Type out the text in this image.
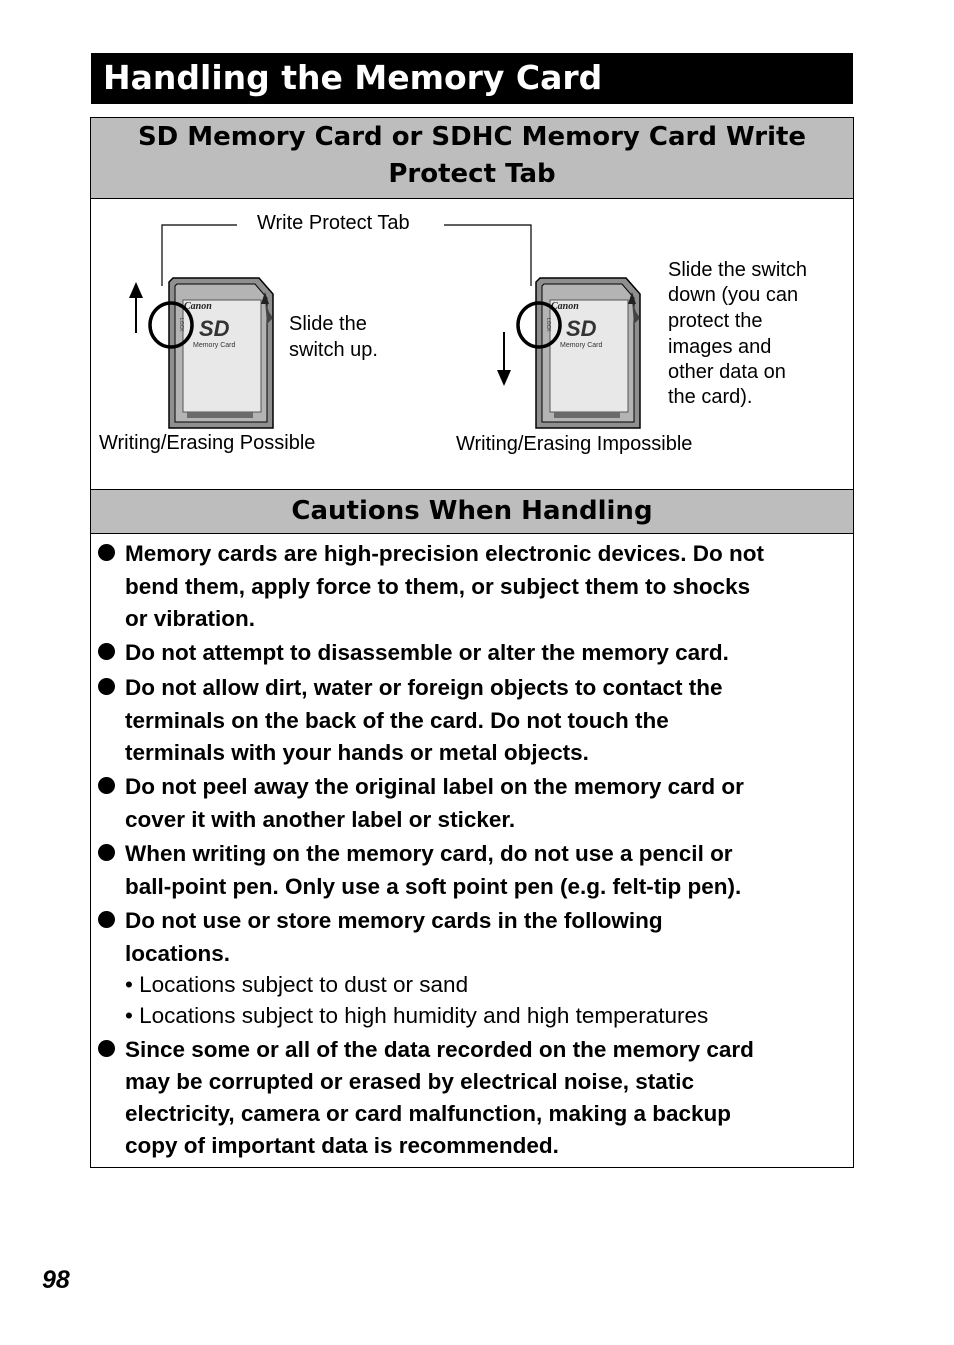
Handling the Memory Card
SD Memory Card or SDHC Memory Card Write
Protect Tab
Canon
SD
Memory Card
LOCK
Write Protect Tab
Slide the
switch up.
Writing/Erasing Possible
Slide the switch
down (you can
protect the
images and
other data on
the card).
Writing/Erasing Impossible
Cautions When Handling
Memory cards are high-precision electronic devices. Do not
bend them, apply force to them, or subject them to shocks
or vibration.
Do not attempt to disassemble or alter the memory card.
Do not allow dirt, water or foreign objects to contact the
terminals on the back of the card. Do not touch the
terminals with your hands or metal objects.
Do not peel away the original label on the memory card or
cover it with another label or sticker.
When writing on the memory card, do not use a pencil or
ball-point pen. Only use a soft point pen (e.g. felt-tip pen).
Do not use or store memory cards in the following
locations.
• Locations subject to dust or sand
• Locations subject to high humidity and high temperatures
Since some or all of the data recorded on the memory card
may be corrupted or erased by electrical noise, static
electricity, camera or card malfunction, making a backup
copy of important data is recommended.
98
